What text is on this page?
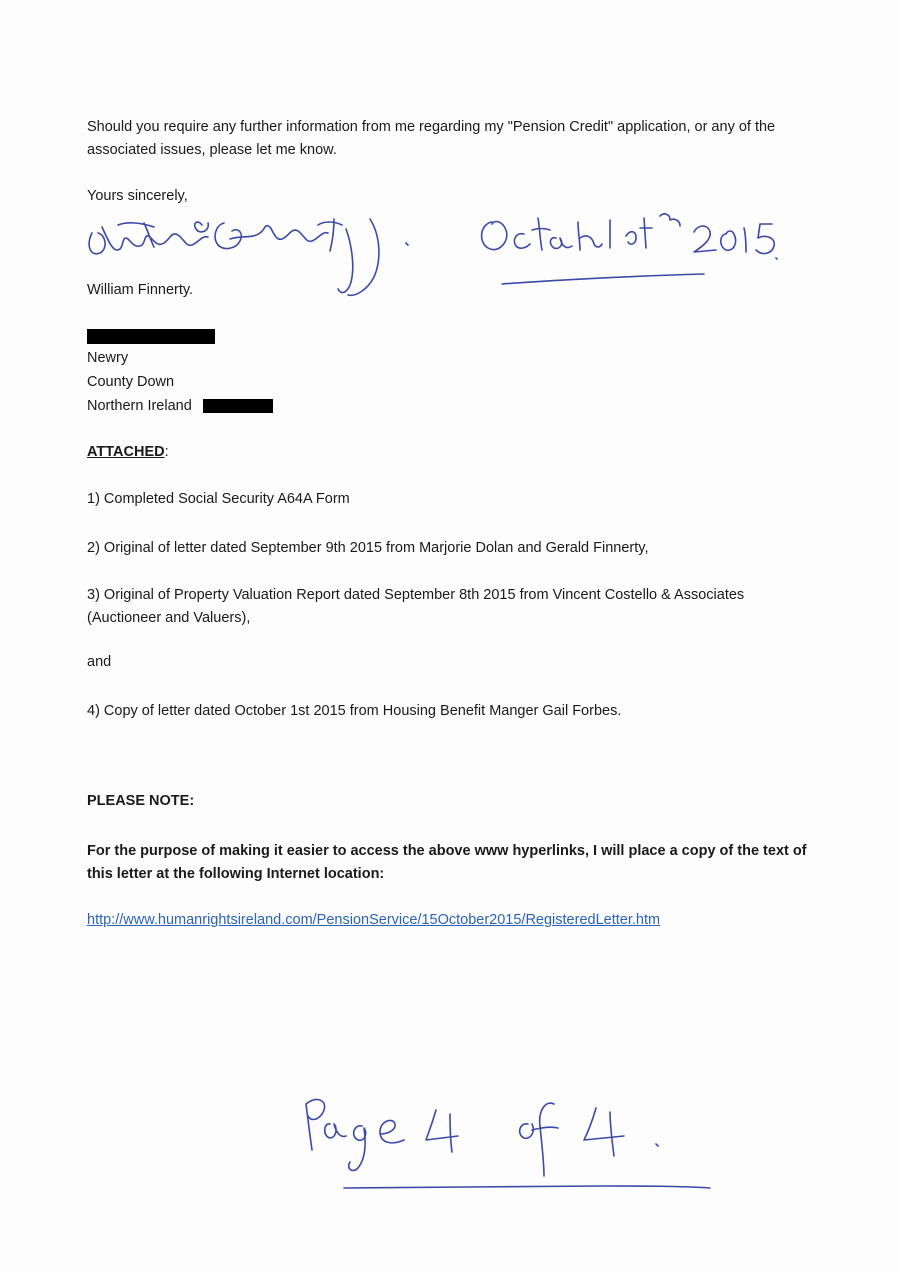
Should you require any further information from me regarding my "Pension Credit" application, or any of the associated issues, please let me know.
Yours sincerely,
William Finnerty.
Newry
County Down
Northern Ireland
ATTACHED:
1) Completed Social Security A64A Form
2) Original of letter dated September 9th 2015 from Marjorie Dolan and Gerald Finnerty,
3) Original of Property Valuation Report dated September 8th 2015 from Vincent Costello & Associates (Auctioneer and Valuers),
and
4) Copy of letter dated October 1st 2015 from Housing Benefit Manger Gail Forbes.
PLEASE NOTE:
For the purpose of making it easier to access the above www hyperlinks, I will place a copy of the text of this letter at the following Internet location:
http://www.humanrightsireland.com/PensionService/15October2015/RegisteredLetter.htm
